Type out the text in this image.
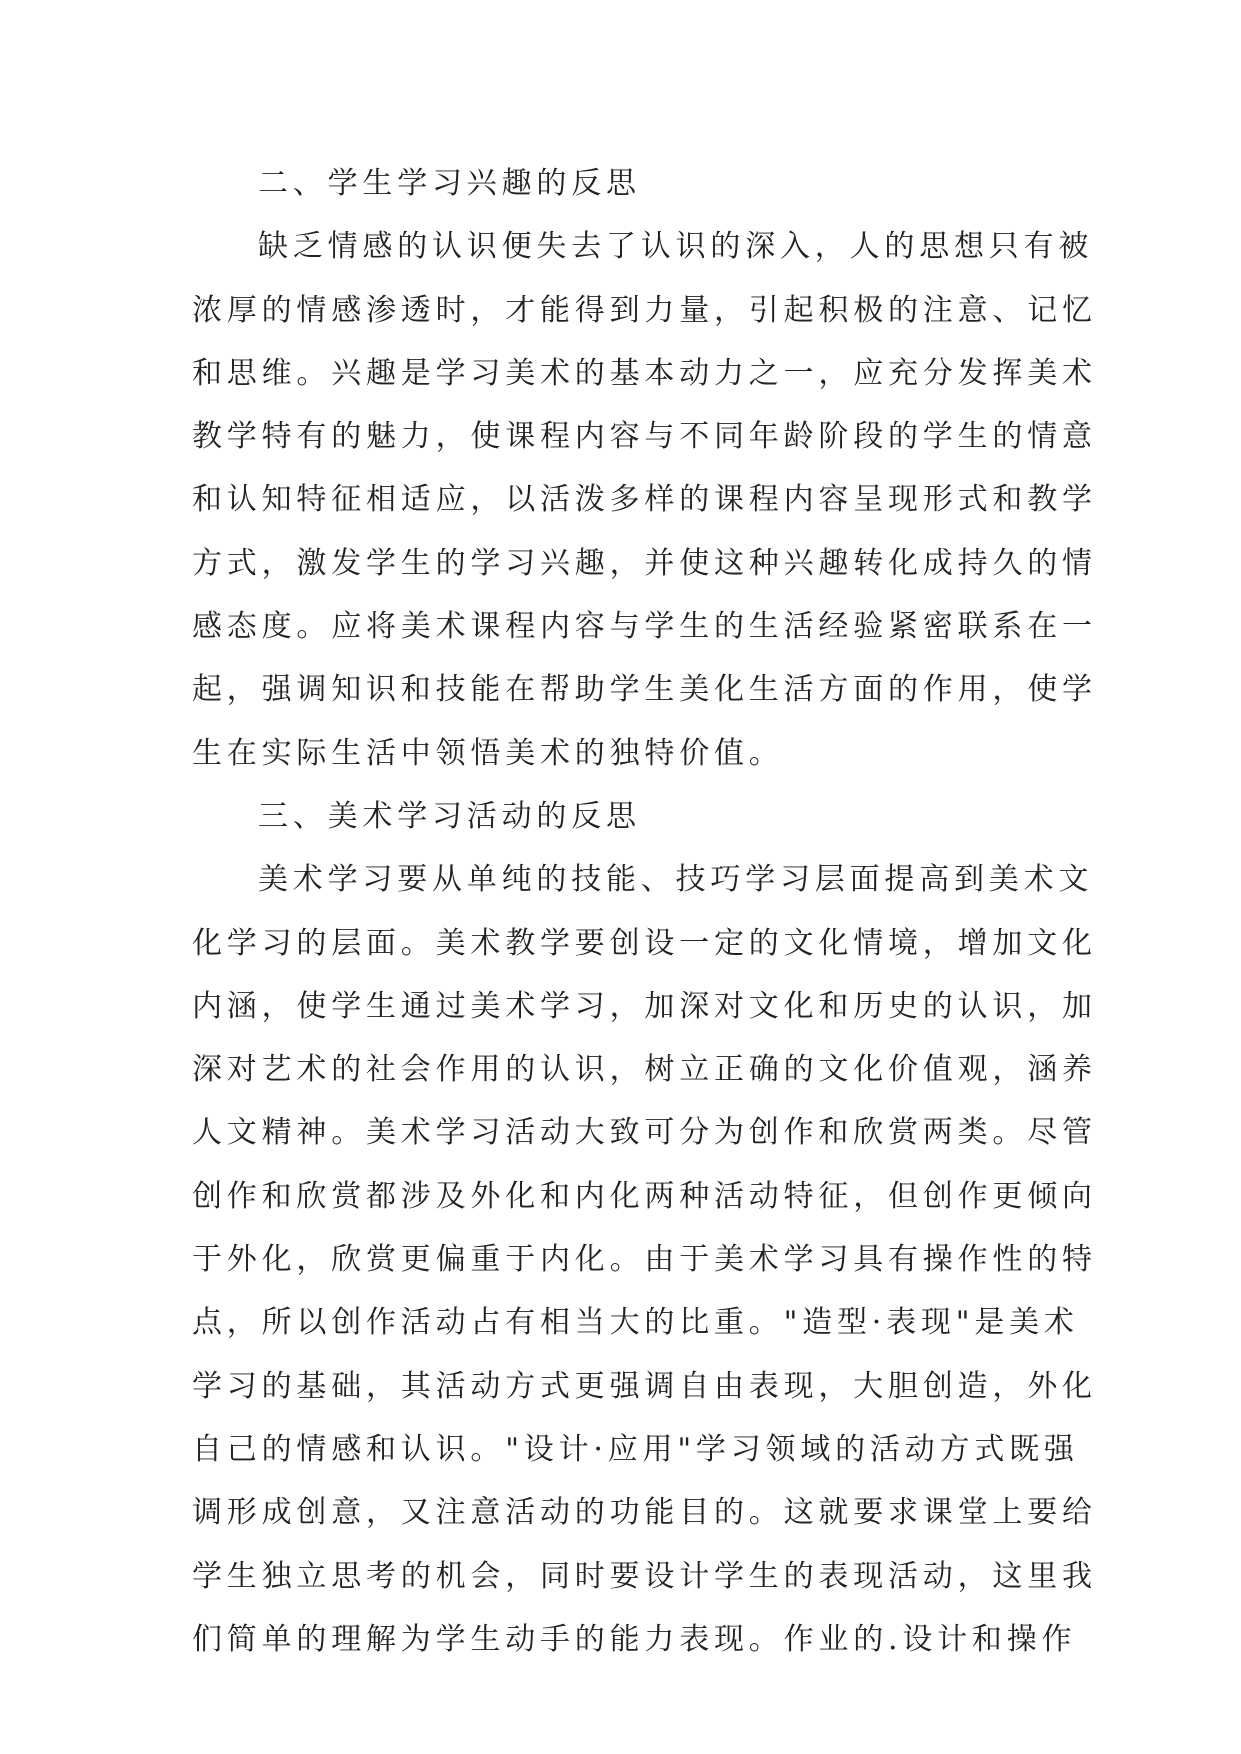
二、学生学习兴趣的反思
缺乏情感的认识便失去了认识的深入，人的思想只有被
浓厚的情感渗透时，才能得到力量，引起积极的注意、记忆
和思维。兴趣是学习美术的基本动力之一，应充分发挥美术
教学特有的魅力，使课程内容与不同年龄阶段的学生的情意
和认知特征相适应，以活泼多样的课程内容呈现形式和教学
方式，激发学生的学习兴趣，并使这种兴趣转化成持久的情
感态度。应将美术课程内容与学生的生活经验紧密联系在一
起，强调知识和技能在帮助学生美化生活方面的作用，使学
生在实际生活中领悟美术的独特价值。
三、美术学习活动的反思
美术学习要从单纯的技能、技巧学习层面提高到美术文
化学习的层面。美术教学要创设一定的文化情境，增加文化
内涵，使学生通过美术学习，加深对文化和历史的认识，加
深对艺术的社会作用的认识，树立正确的文化价值观，涵养
人文精神。美术学习活动大致可分为创作和欣赏两类。尽管
创作和欣赏都涉及外化和内化两种活动特征，但创作更倾向
于外化，欣赏更偏重于内化。由于美术学习具有操作性的特
点，所以创作活动占有相当大的比重。"造型·表现"是美术
学习的基础，其活动方式更强调自由表现，大胆创造，外化
自己的情感和认识。"设计·应用"学习领域的活动方式既强
调形成创意，又注意活动的功能目的。这就要求课堂上要给
学生独立思考的机会，同时要设计学生的表现活动，这里我
们简单的理解为学生动手的能力表现。作业的.设计和操作
